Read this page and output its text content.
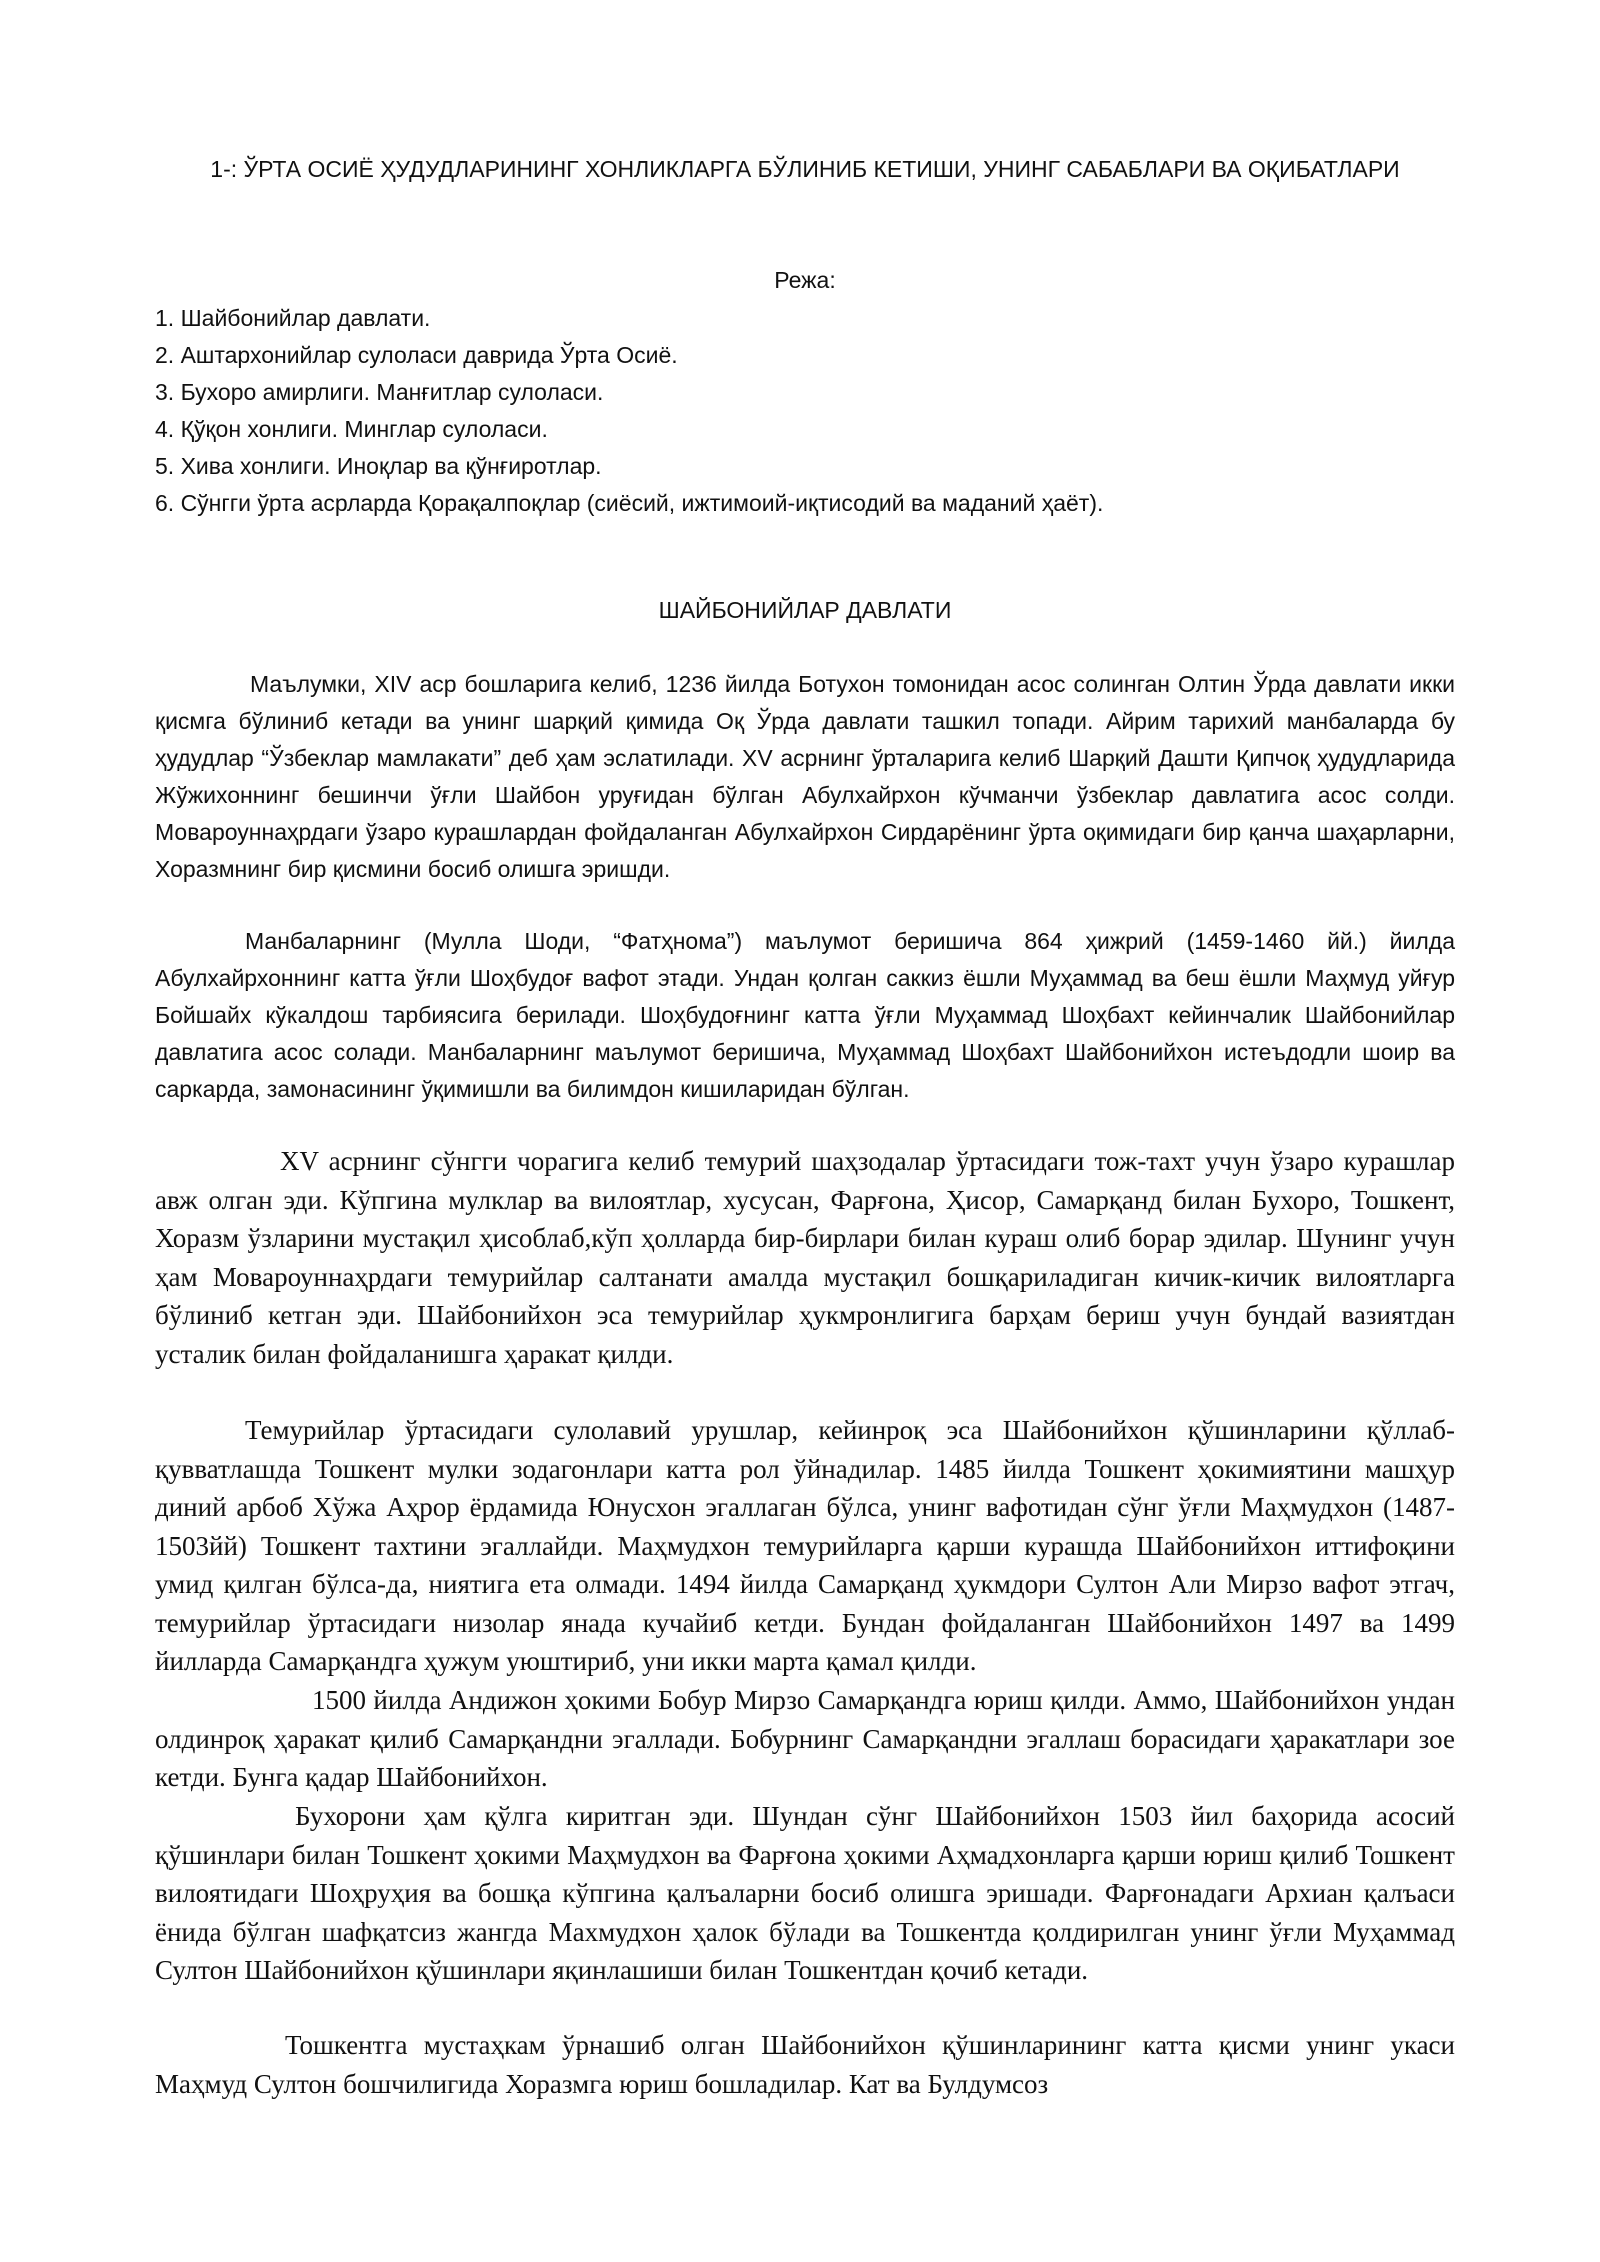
1-: ЎРТА ОСИЁ ҲУДУДЛАРИНИНГ ХОНЛИКЛАРГА БЎЛИНИБ КЕТИШИ, УНИНГ САБАБЛАРИ ВА ОҚИБАТЛАРИ
Режа:
1. Шайбонийлар давлати.
2. Аштархонийлар сулоласи даврида Ўрта Осиё.
3. Бухоро амирлиги. Манғитлар сулоласи.
4. Қўқон хонлиги. Минглар сулоласи.
5. Хива хонлиги. Иноқлар ва қўнғиротлар.
6. Сўнгги ўрта асрларда Қорақалпоқлар (сиёсий, ижтимоий-иқтисодий ва маданий ҳаёт).
ШАЙБОНИЙЛАР ДАВЛАТИ

Маълумки, XIV аср бошларига келиб, 1236 йилда Ботухон томонидан асос солинган Олтин Ўрда давлати икки қисмга бўлиниб кетади ва унинг шарқий қимида Оқ Ўрда давлати ташкил топади. Айрим тарихий манбаларда бу ҳудудлар “Ўзбеклар мамлакати” деб ҳам эслатилади. XV асрнинг ўрталарига келиб Шарқий Дашти Қипчоқ ҳудудларида Жўжихоннинг бешинчи ўғли Шайбон уруғидан бўлган Абулхайрхон кўчманчи ўзбеклар давлатига асос солди. Мовароуннаҳрдаги ўзаро курашлардан фойдаланган Абулхайрхон Сирдарёнинг ўрта оқимидаги бир қанча шаҳарларни, Хоразмнинг бир қисмини босиб олишга эришди.

Манбаларнинг (Мулла Шоди, “Фатҳнома”) маълумот беришича 864 ҳижрий (1459-1460 йй.) йилда Абулхайрхоннинг катта ўғли Шоҳбудоғ вафот этади. Ундан қолган саккиз ёшли Муҳаммад ва беш ёшли Маҳмуд уйғур Бойшайх кўкалдош тарбиясига берилади. Шоҳбудоғнинг катта ўғли Муҳаммад Шоҳбахт кейинчалик Шайбонийлар давлатига асос солади. Манбаларнинг маълумот беришича, Муҳаммад Шоҳбахт Шайбонийхон истеъдодли шоир ва саркарда, замонасининг ўқимишли ва билимдон кишиларидан бўлган.

XV асрнинг сўнгги чорагига келиб темурий шаҳзодалар ўртасидаги тож-тахт учун ўзаро курашлар авж олган эди. Кўпгина мулклар ва вилоятлар, хусусан, Фарғона, Ҳисор, Самарқанд билан Бухоро, Тошкент, Хоразм ўзларини мустақил ҳисоблаб,кўп ҳолларда бир-бирлари билан кураш олиб борар эдилар. Шунинг учун ҳам Мовароуннаҳрдаги темурийлар салтанати амалда мустақил бошқариладиган кичик-кичик вилоятларга бўлиниб кетган эди. Шайбонийхон эса темурийлар ҳукмронлигига барҳам бериш учун бундай вазиятдан усталик билан фойдаланишга ҳаракат қилди.

Темурийлар ўртасидаги сулолавий урушлар, кейинроқ эса Шайбонийхон қўшинларини қўллаб-қувватлашда Тошкент мулки зодагонлари катта рол ўйнадилар. 1485 йилда Тошкент ҳокимиятини машҳур диний арбоб Хўжа Аҳрор ёрдамида Юнусхон эгаллаган бўлса, унинг вафотидан сўнг ўғли Маҳмудхон (1487-1503йй) Тошкент тахтини эгаллайди. Маҳмудхон темурийларга қарши курашда Шайбонийхон иттифоқини умид қилган бўлса-да, ниятига ета олмади. 1494 йилда Самарқанд ҳукмдори Султон Али Мирзо вафот этгач, темурийлар ўртасидаги низолар янада кучайиб кетди. Бундан фойдаланган Шайбонийхон 1497 ва 1499 йилларда Самарқандга ҳужум уюштириб, уни икки марта қамал қилди.

1500 йилда Андижон ҳокими Бобур Мирзо Самарқандга юриш қилди. Аммо, Шайбонийхон ундан олдинроқ ҳаракат қилиб Самарқандни эгаллади. Бобурнинг Самарқандни эгаллаш борасидаги ҳаракатлари зое кетди. Бунга қадар Шайбонийхон.

Бухорони ҳам қўлга киритган эди. Шундан сўнг Шайбонийхон 1503 йил баҳорида асосий қўшинлари билан Тошкент ҳокими Маҳмудхон ва Фарғона ҳокими Аҳмадхонларга қарши юриш қилиб Тошкент вилоятидаги Шоҳруҳия ва бошқа кўпгина қалъаларни босиб олишга эришади. Фарғонадаги Архиан қалъаси ёнида бўлган шафқатсиз жангда Махмудхон ҳалок бўлади ва Тошкентда қолдирилган унинг ўғли Муҳаммад Султон Шайбонийхон қўшинлари яқинлашиши билан Тошкентдан қочиб кетади.

Тошкентга мустаҳкам ўрнашиб олган Шайбонийхон қўшинларининг катта қисми унинг укаси Маҳмуд Султон бошчилигида Хоразмга юриш бошладилар. Кат ва Булдумсоз
